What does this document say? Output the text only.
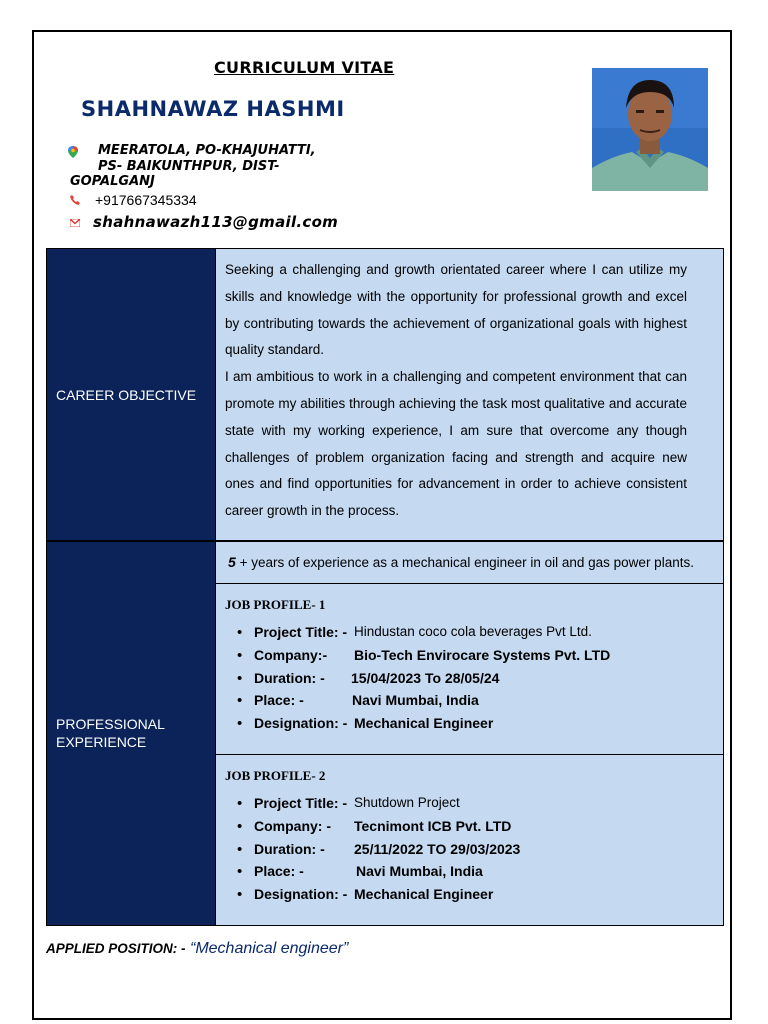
CURRICULUM VITAE
SHAHNAWAZ HASHMI
MEERATOLA, PO-KHAJUHATTI,
PS- BAIKUNTHPUR, DIST-
GOPALGANJ
+917667345334
shahnawazh113@gmail.com
CAREER OBJECTIVE
Seeking a challenging and growth orientated career where I can utilize my skills and knowledge with the opportunity for professional growth and excel by contributing towards the achievement of organizational goals with highest quality standard.
I am ambitious to work in a challenging and competent environment that can promote my abilities through achieving the task most qualitative and accurate state with my working experience, I am sure that overcome any though challenges of problem organization facing and strength and acquire new ones and find opportunities for advancement in order to achieve consistent career growth in the process.
PROFESSIONAL
EXPERIENCE
5 + years of experience as a mechanical engineer in oil and gas power plants.
JOB PROFILE- 1
Project Title: - Hindustan coco cola beverages Pvt Ltd.
Company:- Bio-Tech Envirocare Systems Pvt. LTD
Duration: - 15/04/2023 To 28/05/24
Place: -	Navi Mumbai, India
Designation: - Mechanical Engineer
JOB PROFILE- 2
Project Title: - Shutdown Project
Company: - Tecnimont ICB Pvt. LTD
Duration: - 25/11/2022 TO 29/03/2023
Place: -	Navi Mumbai, India
Designation: - Mechanical Engineer
APPLIED POSITION: - “Mechanical engineer”
